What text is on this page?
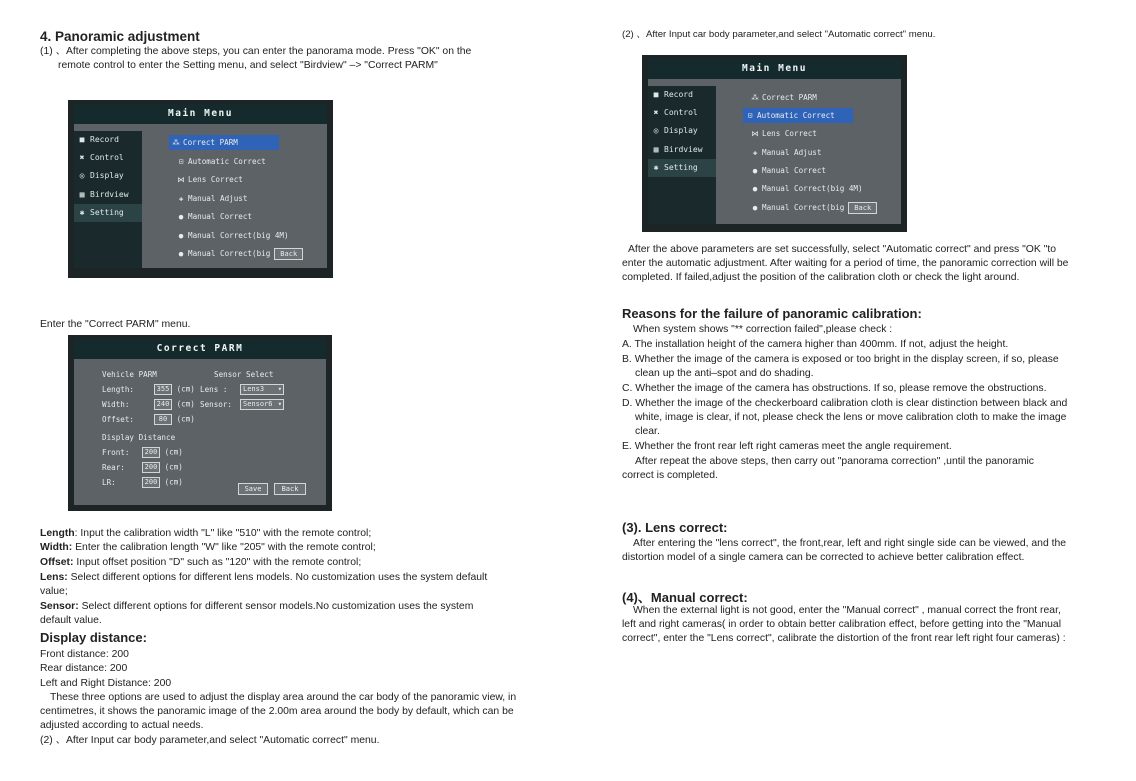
4. Panoramic adjustment
(1) 、After completing the above steps, you can enter the panorama mode. Press "OK" on the
remote control to enter the Setting menu, and select "Birdview" –> "Correct PARM"
Main Menu
■ Record
✖ Control
◎ Display
▦ Birdview
✱ Setting
⁂ Correct PARM
⊡ Automatic Correct
⋈ Lens Correct
✚ Manual Adjust
● Manual Correct
● Manual Correct(big 4M)
● Manual Correct(big Back
Enter the "Correct PARM" menu.
Correct PARM
Vehicle PARM
Length:	355 (cm)
Width:	240 (cm)
Offset:	80 (cm)
Sensor Select
Lens : Lens3 ▾
Sensor: Sensor6 ▾
Display Distance
Front: 200 (cm)
Rear:	200 (cm)
LR:	200 (cm)
Save	Back
Length: Input the calibration width "L" like "510" with the remote control;
Width: Enter the calibration length "W" like "205" with the remote control;
Offset: Input offset position "D" such as "120" with the remote control;
Lens: Select different options for different lens models. No customization uses the system default
value;
Sensor: Select different options for different sensor models.No customization uses the system
default value.
Display distance:
Front distance: 200
Rear distance: 200
Left and Right Distance: 200
These three options are used to adjust the display area around the car body of the panoramic view, in
centimetres, it shows the panoramic image of the 2.00m area around the body by default, which can be
adjusted according to actual needs.
(2) 、After Input car body parameter,and select "Automatic correct" menu.
(2) 、After Input car body parameter,and select "Automatic correct" menu.
Main Menu
■ Record
✖ Control
◎ Display
▦ Birdview
✱ Setting
⁂ Correct PARM
⊡ Automatic Correct
⋈ Lens Correct
✚ Manual Adjust
● Manual Correct
● Manual Correct(big 4M)
● Manual Correct(big Back
After the above parameters are set successfully, select "Automatic correct" and press "OK "to
enter the automatic adjustment. After waiting for a period of time, the panoramic correction will be
completed. If failed,adjust the position of the calibration cloth or check the light around.
Reasons for the failure of panoramic calibration:
When system shows "** correction failed",please check :
A. The installation height of the camera higher than 400mm. If not, adjust the height.
B. Whether the image of the camera is exposed or too bright in the display screen, if so, please
clean up the anti–spot and do shading.
C. Whether the image of the camera has obstructions. If so, please remove the obstructions.
D. Whether the image of the checkerboard calibration cloth is clear distinction between black and
white, image is clear, if not, please check the lens or move calibration cloth to make the image
clear.
E. Whether the front rear left right cameras meet the angle requirement.
After repeat the above steps, then carry out "panorama correction" ,until the panoramic
correct is completed.
(3). Lens correct:
After entering the "lens correct", the front,rear, left and right single side can be viewed, and the
distortion model of a single camera can be corrected to achieve better calibration effect.
(4)、Manual correct:
When the external light is not good, enter the "Manual correct" , manual correct the front rear,
left and right cameras( in order to obtain better calibration effect, before getting into the "Manual
correct", enter the "Lens correct", calibrate the distortion of the front rear left right four cameras) :
